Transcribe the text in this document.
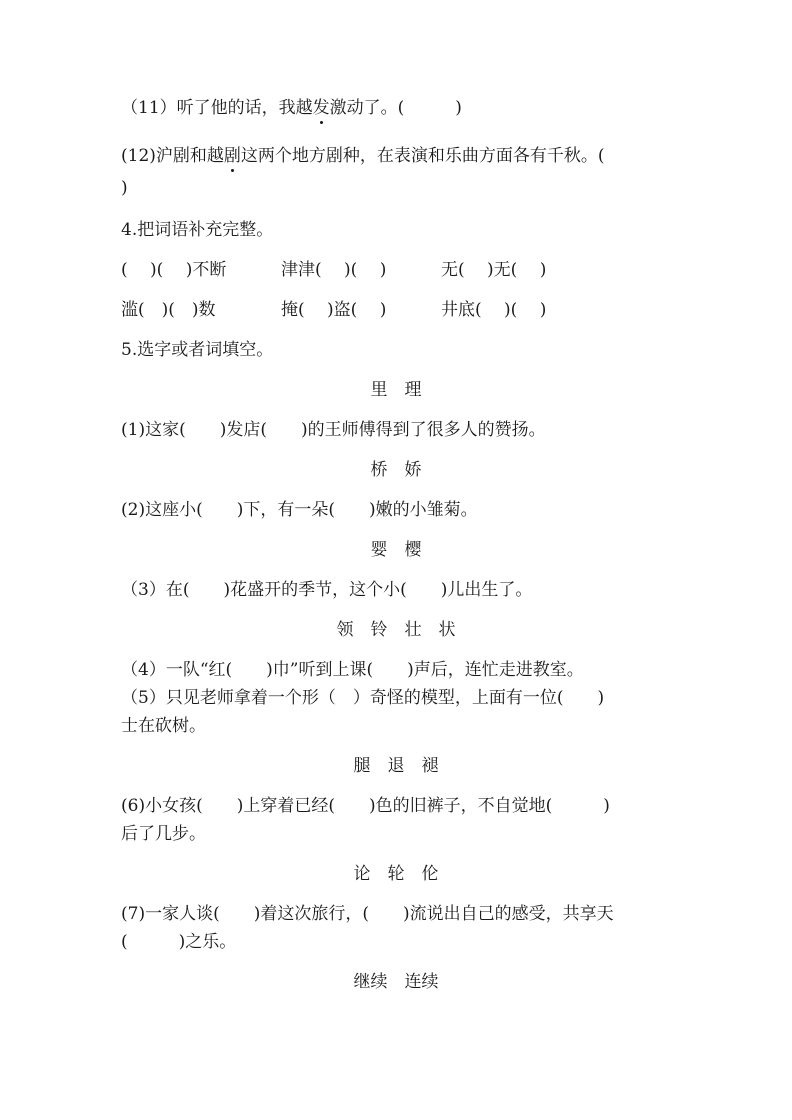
（11）听了他的话，我越发激动了。(　　　)
(12)沪剧和越剧这两个地方剧种，在表演和乐曲方面各有千秋。(
)
4.把词语补充完整。
(　 )(　 )不断	津津(　 )(　 )	无(　 )无(　 )
滥(　)(　)数	掩(　 )盗(　 )	井底(　 )(　 )
5.选字或者词填空。
里　理
(1)这家(　　)发店(　　)的王师傅得到了很多人的赞扬。
桥　娇
(2)这座小(　　)下，有一朵(　　)嫩的小雏菊。
婴　樱
（3）在(　　)花盛开的季节，这个小(　　)儿出生了。
领　铃　壮　状
（4）一队“红(　　)巾”听到上课(　　)声后，连忙走进教室。
（5）只见老师拿着一个形（　）奇怪的模型，上面有一位(　　)
士在砍树。
腿　退　褪
(6)小女孩(　　)上穿着已经(　　)色的旧裤子，不自觉地(　　　)
后了几步。
论　轮　伦
(7)一家人谈(　　)着这次旅行，(　　)流说出自己的感受，共享天
(　　　)之乐。
继续　连续
